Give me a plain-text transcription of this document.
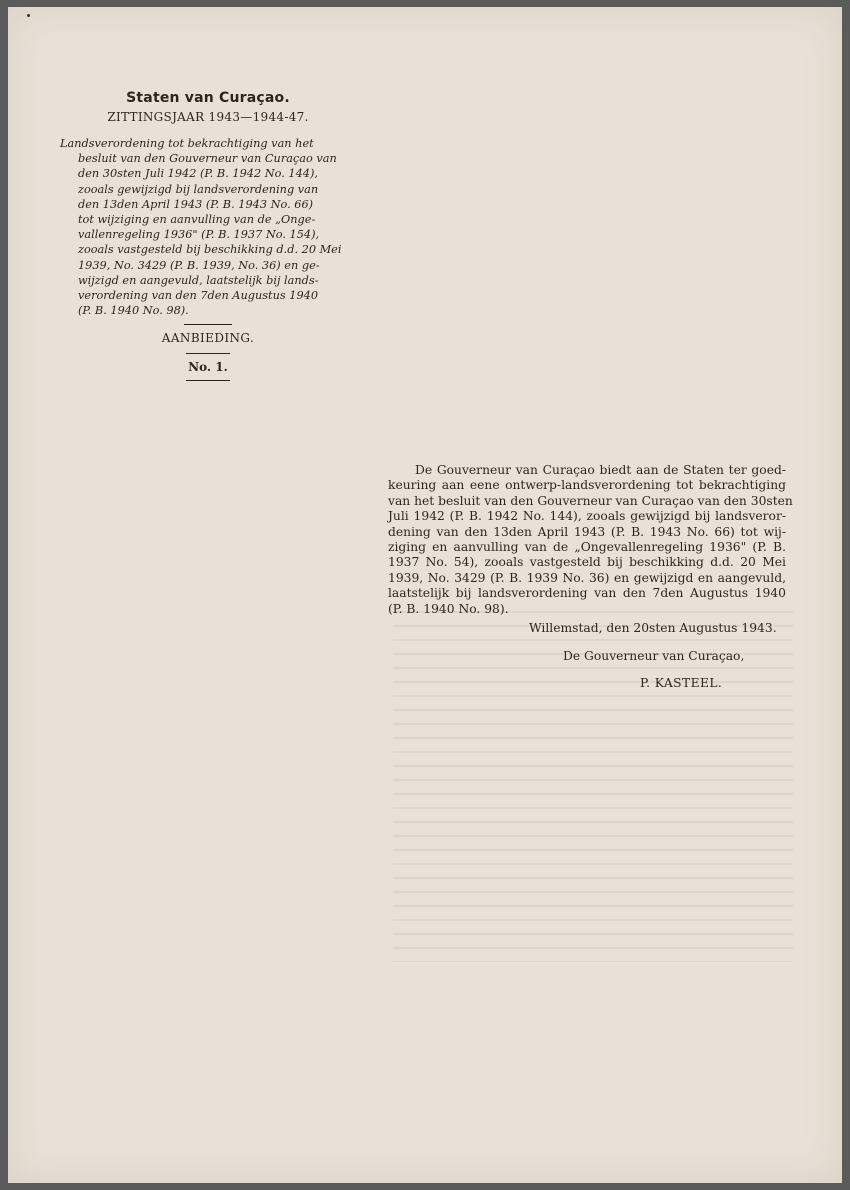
Staten van Curaçao.
ZITTINGSJAAR 1943—1944-47.
Landsverordening tot bekrachtiging van het
besluit van den Gouverneur van Curaçao van
den 30sten Juli 1942 (P. B. 1942 No. 144),
zooals gewijzigd bij landsverordening van
den 13den April 1943 (P. B. 1943 No. 66)
tot wijziging en aanvulling van de „Onge-
vallenregeling 1936" (P. B. 1937 No. 154),
zooals vastgesteld bij beschikking d.d. 20 Mei
1939, No. 3429 (P. B. 1939, No. 36) en ge-
wijzigd en aangevuld, laatstelijk bij lands-
verordening van den 7den Augustus 1940
(P. B. 1940 No. 98).
AANBIEDING.
No. 1.
De Gouverneur van Curaçao biedt aan de Staten ter goed-
keuring aan eene ontwerp-landsverordening tot bekrachtiging
van het besluit van den Gouverneur van Curaçao van den 30sten
Juli 1942 (P. B. 1942 No. 144), zooals gewijzigd bij landsveror-
dening van den 13den April 1943 (P. B. 1943 No. 66) tot wij-
ziging en aanvulling van de „Ongevallenregeling 1936" (P. B.
1937 No. 54), zooals vastgesteld bij beschikking d.d. 20 Mei
1939, No. 3429 (P. B. 1939 No. 36) en gewijzigd en aangevuld,
laatstelijk bij landsverordening van den 7den Augustus 1940
(P. B. 1940 No. 98).
Willemstad, den 20sten Augustus 1943.
De Gouverneur van Curaçao,
P. KASTEEL.
